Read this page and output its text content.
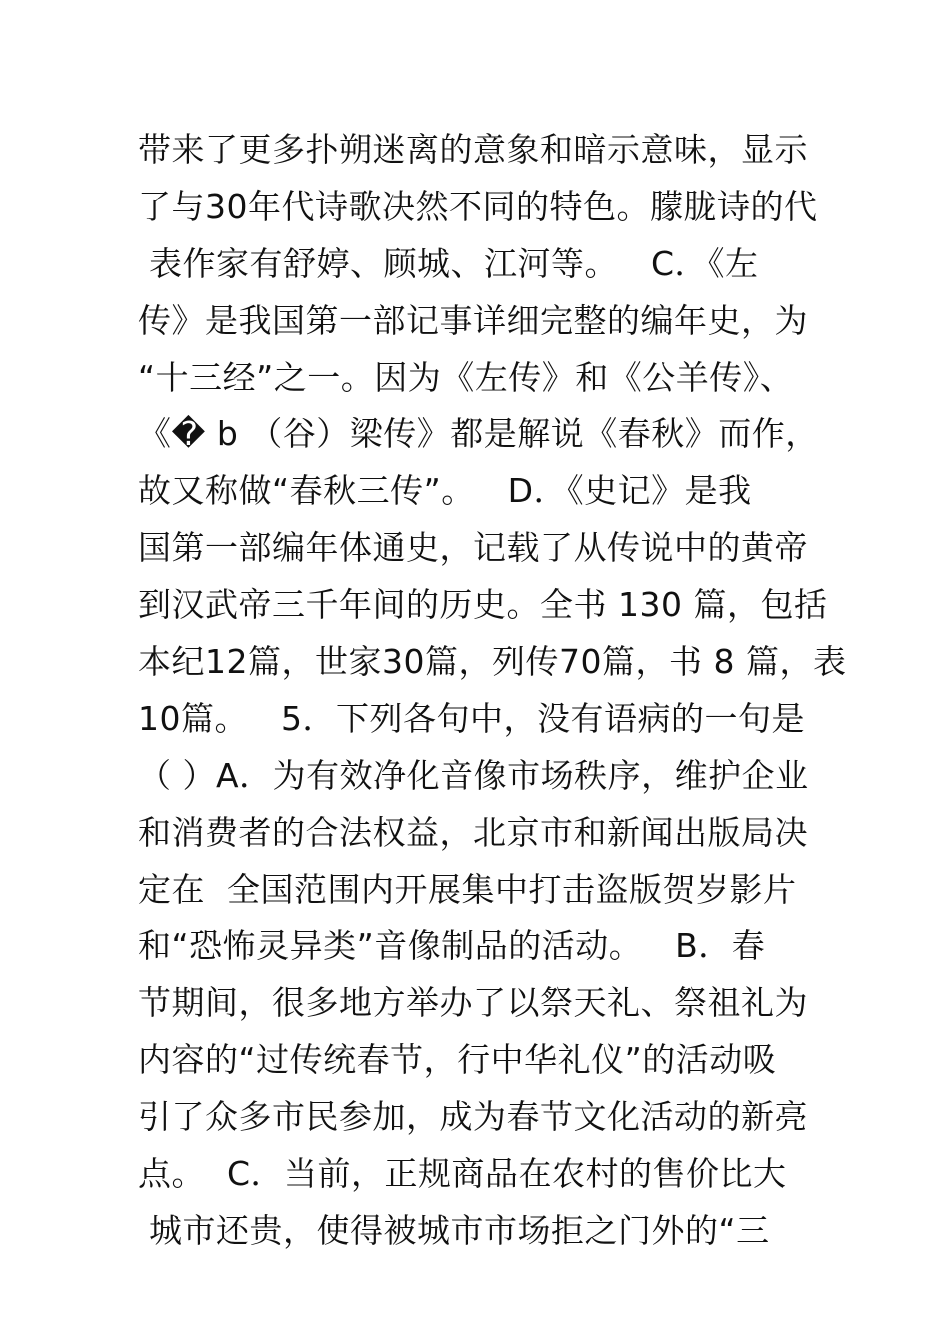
带来了更多扑朔迷离的意象和暗示意味，显示
了与30年代诗歌决然不同的特色。朦胧诗的代
表作家有舒婷、顾城、江河等。   C．《左
传》是我国第一部记事详细完整的编年史，为
“十三经”之一。因为《左传》和《公羊传》、
《� b （谷）梁传》都是解说《春秋》而作，
故又称做“春秋三传”。   D．《史记》是我
国第一部编年体通史，记载了从传说中的黄帝
到汉武帝三千年间的历史。全书 130 篇，包括
本纪12篇，世家30篇，列传70篇，书 8 篇，表
10篇。   5．下列各句中，没有语病的一句是
（ ）A．为有效净化音像市场秩序，维护企业
和消费者的合法权益，北京市和新闻出版局决
定在  全国范围内开展集中打击盗版贺岁影片
和“恐怖灵异类”音像制品的活动。   B．春
节期间，很多地方举办了以祭天礼、祭祖礼为
内容的“过传统春节，行中华礼仪”的活动吸
引了众多市民参加，成为春节文化活动的新亮
点。  C．当前，正规商品在农村的售价比大
城市还贵，使得被城市市场拒之门外的“三
